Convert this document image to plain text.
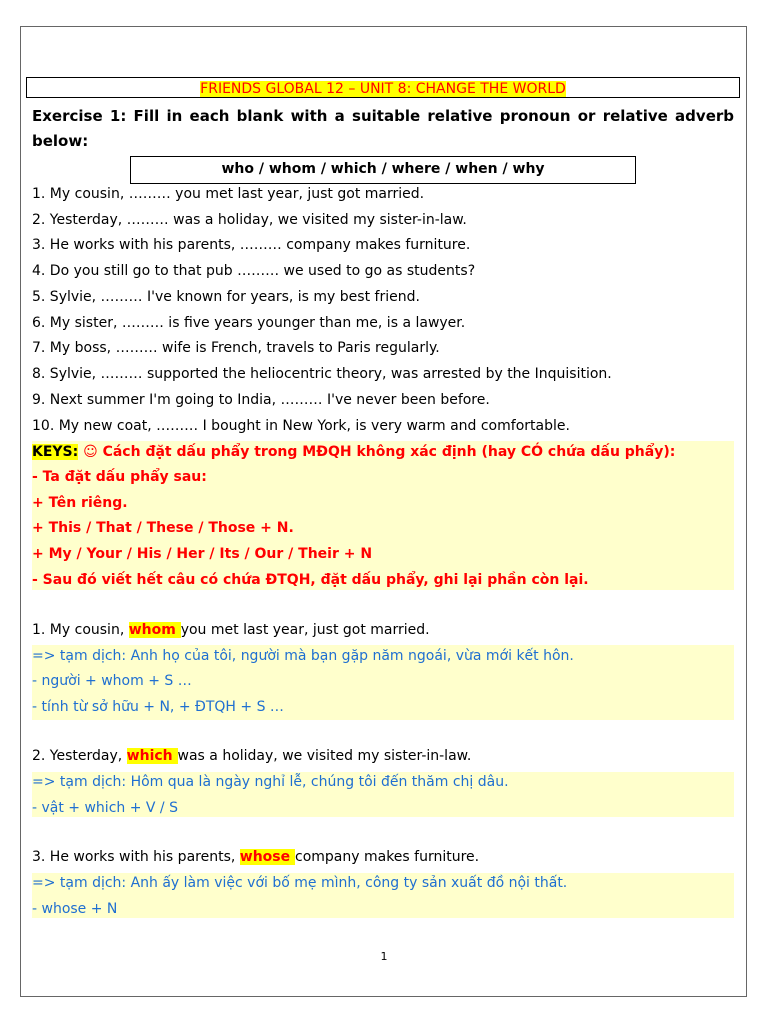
FRIENDS GLOBAL 12 – UNIT 8: CHANGE THE WORLD
Exercise 1: Fill in each blank with a suitable relative pronoun or relative adverb below:
who / whom / which / where / when / why
1. My cousin, ……… you met last year, just got married.
2. Yesterday, ……… was a holiday, we visited my sister-in-law.
3. He works with his parents, ……… company makes furniture.
4. Do you still go to that pub ……… we used to go as students?
5. Sylvie, ……… I've known for years, is my best friend.
6. My sister, ……… is five years younger than me, is a lawyer.
7. My boss, ……… wife is French, travels to Paris regularly.
8. Sylvie, ……… supported the heliocentric theory, was arrested by the Inquisition.
9. Next summer I'm going to India, ……… I've never been before.
10. My new coat, ……… I bought in New York, is very warm and comfortable.
KEYS: ☺ Cách đặt dấu phẩy trong MĐQH không xác định (hay CÓ chứa dấu phẩy):
- Ta đặt dấu phẩy sau:
+ Tên riêng.
+ This / That / These / Those + N.
+ My / Your / His / Her / Its / Our / Their + N
- Sau đó viết hết câu có chứa ĐTQH, đặt dấu phẩy, ghi lại phần còn lại.
1. My cousin, whom you met last year, just got married.
=> tạm dịch: Anh họ của tôi, người mà bạn gặp năm ngoái, vừa mới kết hôn.
- người + whom + S …
- tính từ sở hữu + N, + ĐTQH + S …
2. Yesterday, which was a holiday, we visited my sister-in-law.
=> tạm dịch: Hôm qua là ngày nghỉ lễ, chúng tôi đến thăm chị dâu.
- vật + which + V / S
3. He works with his parents, whose company makes furniture.
=> tạm dịch: Anh ấy làm việc với bố mẹ mình, công ty sản xuất đồ nội thất.
- whose + N
1
